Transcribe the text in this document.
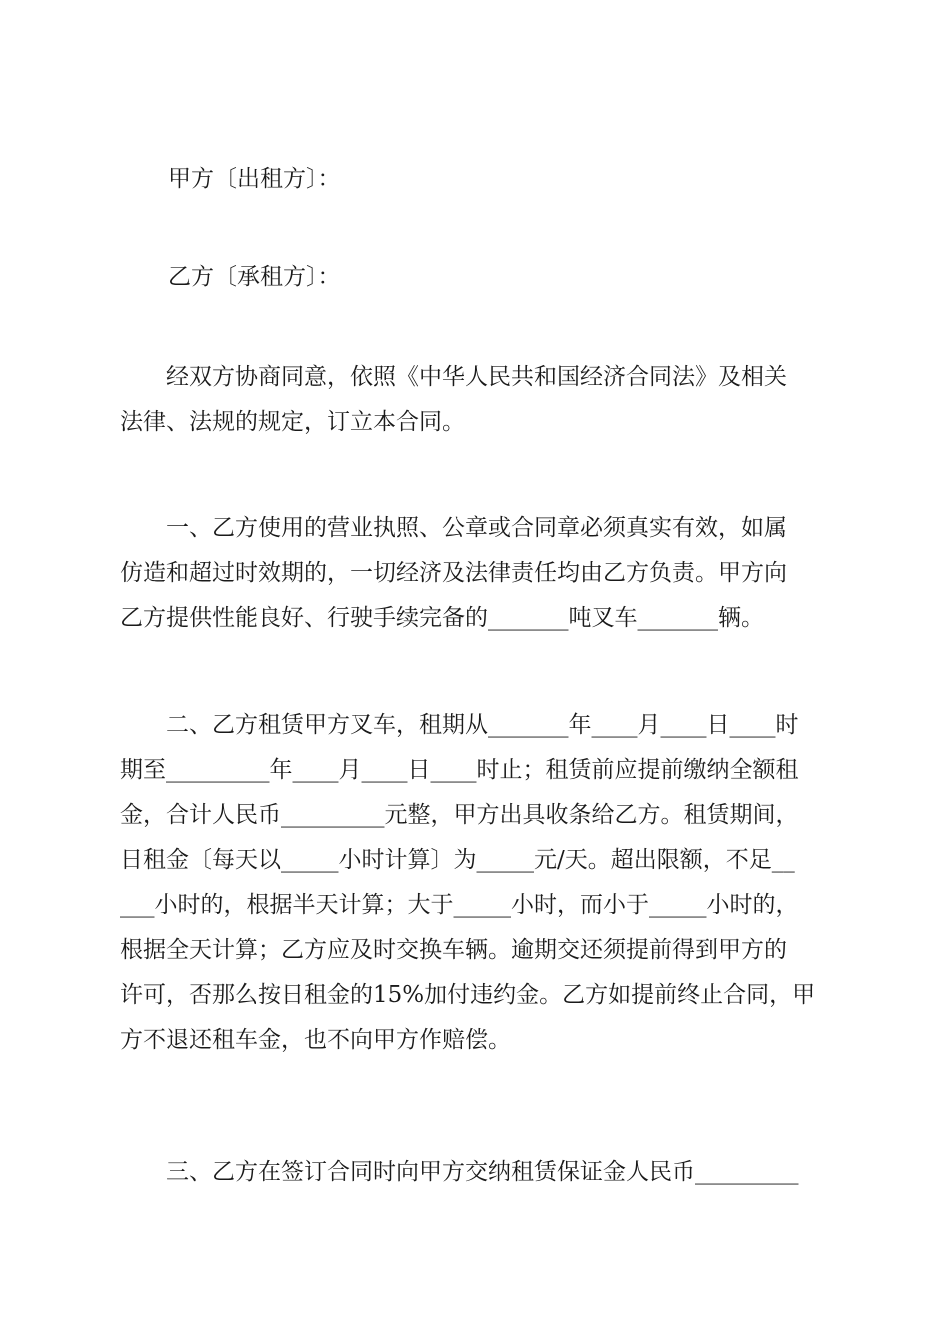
甲方〔出租方〕：
乙方〔承租方〕：
　　经双方协商同意，依照《中华人民共和国经济合同法》及相关
法律、法规的规定，订立本合同。
　　一、乙方使用的营业执照、公章或合同章必须真实有效，如属
仿造和超过时效期的，一切经济及法律责任均由乙方负责。甲方向
乙方提供性能良好、行驶手续完备的_______吨叉车_______辆。
　　二、乙方租赁甲方叉车，租期从_______年____月____日____时
期至_________年____月____日____时止；租赁前应提前缴纳全额租
金，合计人民币_________元整，甲方出具收条给乙方。租赁期间，
日租金〔每天以_____小时计算〕为_____元/天。超出限额，不足__
___小时的，根据半天计算；大于_____小时，而小于_____小时的，
根据全天计算；乙方应及时交换车辆。逾期交还须提前得到甲方的
许可，否那么按日租金的15%加付违约金。乙方如提前终止合同，甲
方不退还租车金，也不向甲方作赔偿。
　　三、乙方在签订合同时向甲方交纳租赁保证金人民币_________
